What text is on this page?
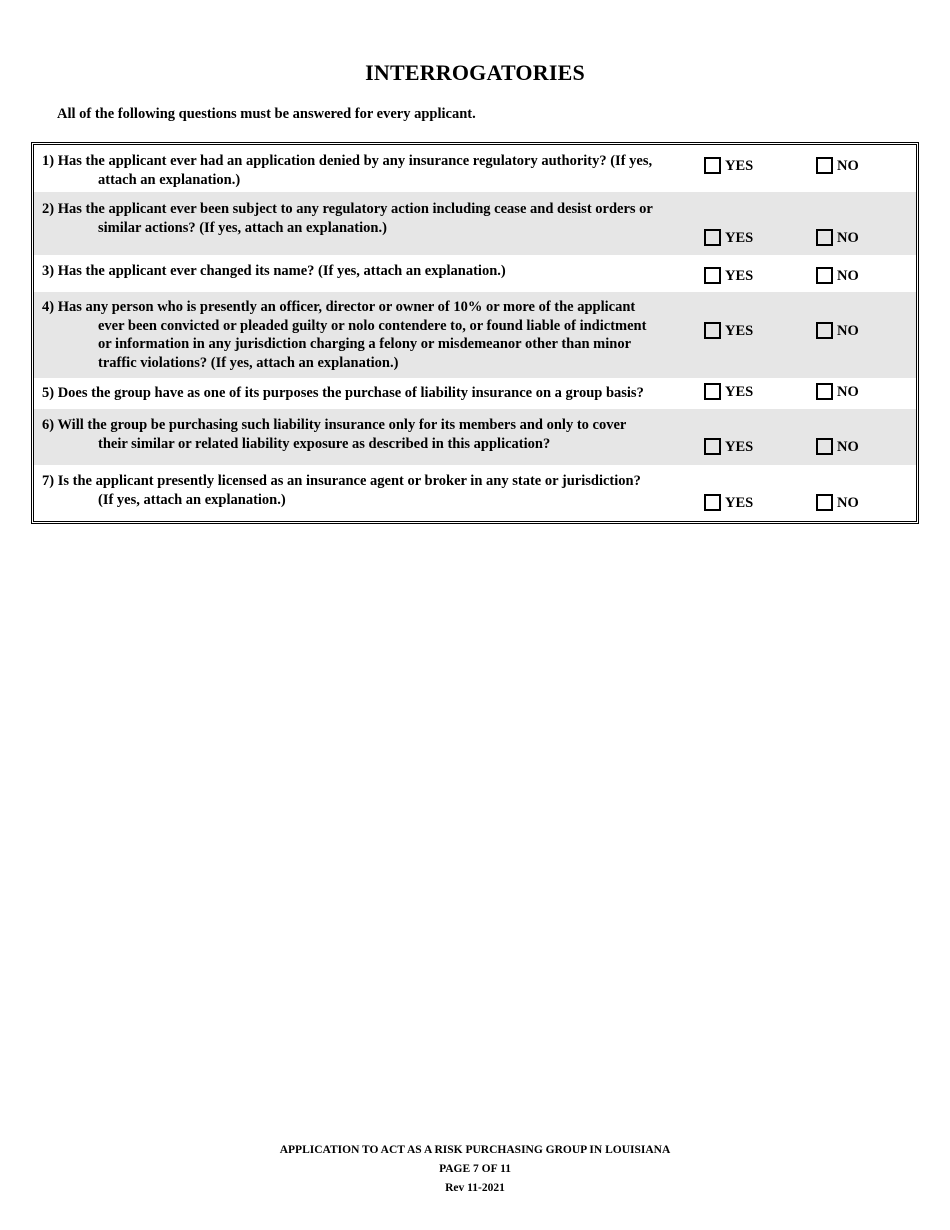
INTERROGATORIES
All of the following questions must be answered for every applicant.
1) Has the applicant ever had an application denied by any insurance regulatory authority? (If yes,
attach an explanation.)
YES	NO
2) Has the applicant ever been subject to any regulatory action including cease and desist orders or
similar actions? (If yes, attach an explanation.)
YES	NO
3) Has the applicant ever changed its name? (If yes, attach an explanation.)	YES	NO
4) Has any person who is presently an officer, director or owner of 10% or more of the applicant
ever been convicted or pleaded guilty or nolo contendere to, or found liable of indictment
or information in any jurisdiction charging a felony or misdemeanor other than minor
traffic violations? (If yes, attach an explanation.)
YES	NO
5) Does the group have as one of its purposes the purchase of liability insurance on a group basis?	YES	NO
6) Will the group be purchasing such liability insurance only for its members and only to cover
their similar or related liability exposure as described in this application?	YES	NO
7) Is the applicant presently licensed as an insurance agent or broker in any state or jurisdiction?
(If yes, attach an explanation.)	YES	NO
APPLICATION TO ACT AS A RISK PURCHASING GROUP IN LOUISIANA
PAGE 7 OF 11
Rev 11-2021
